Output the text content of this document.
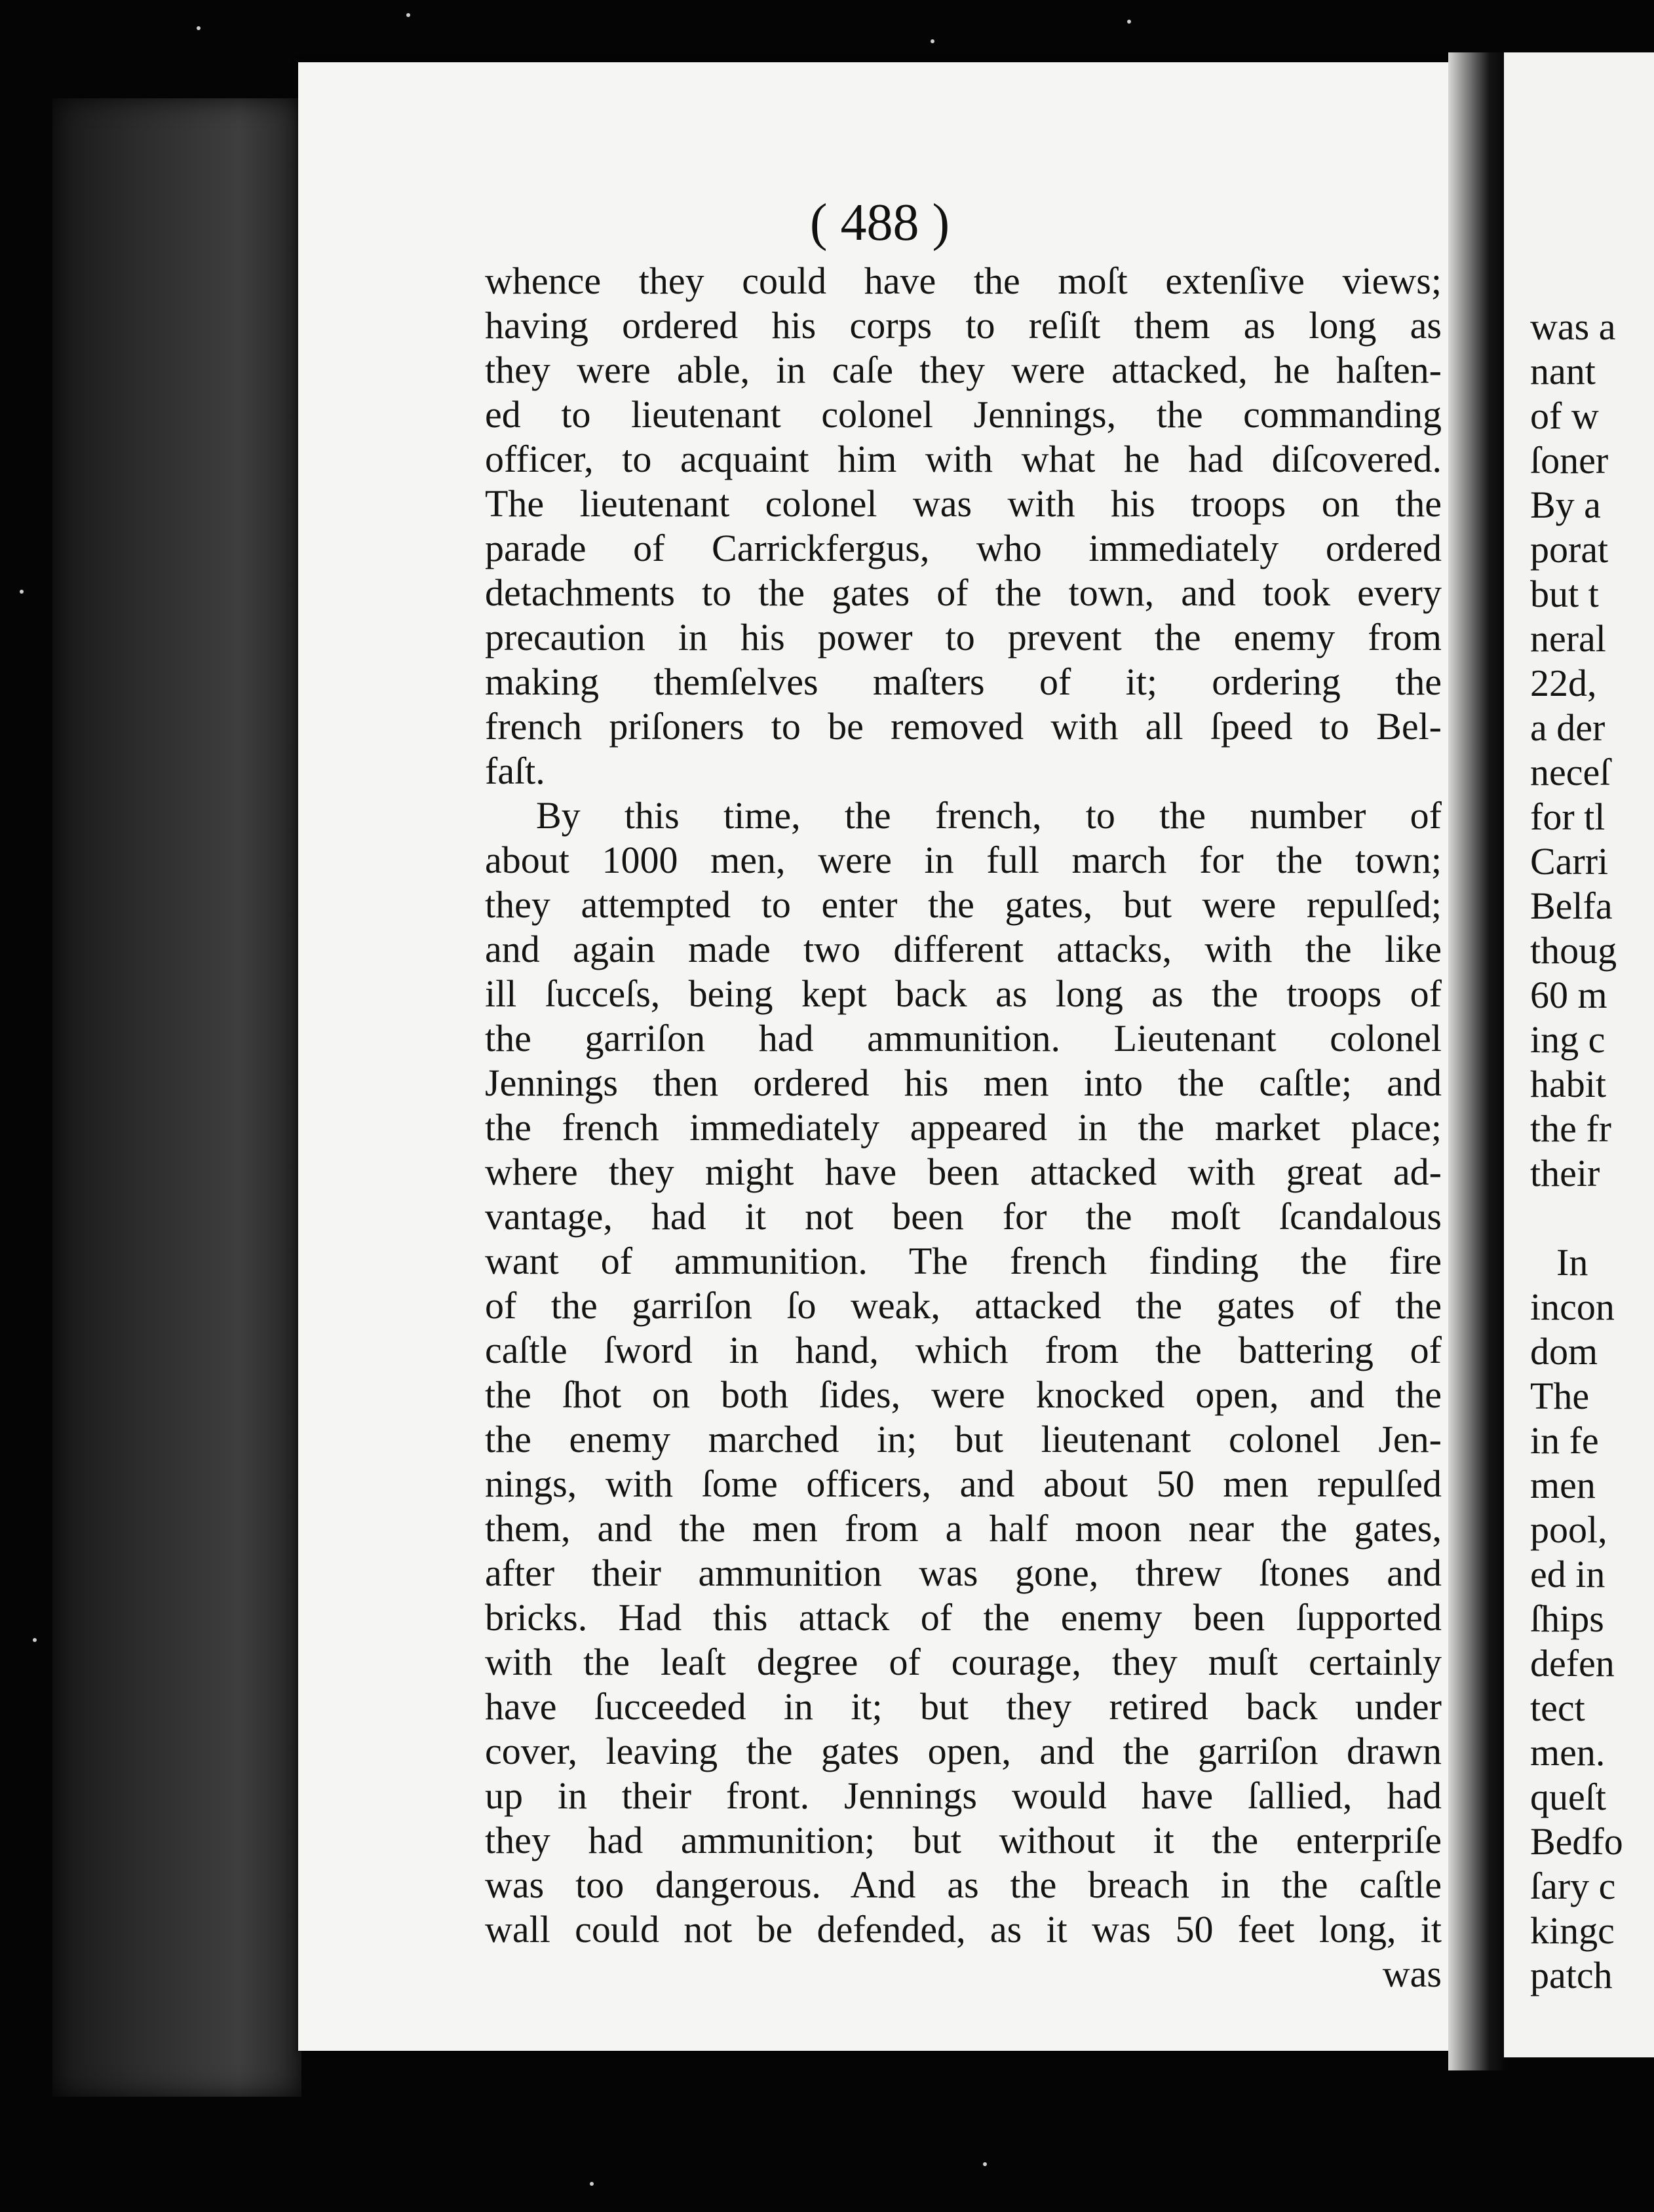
( 488 )
whence they could have the moſt extenſive views;
having ordered his corps to reſiſt them as long as
they were able, in caſe they were attacked, he haſten-
ed to lieutenant colonel Jennings, the commanding
officer, to acquaint him with what he had diſcovered.
The lieutenant colonel was with his troops on the
parade of Carrickfergus, who immediately ordered
detachments to the gates of the town, and took every
precaution in his power to prevent the enemy from
making themſelves maſters of it; ordering the
french priſoners to be removed with all ſpeed to Bel-
faſt.
By this time, the french, to the number of
about 1000 men, were in full march for the town;
they attempted to enter the gates, but were repulſed;
and again made two different attacks, with the like
ill ſucceſs, being kept back as long as the troops of
the garriſon had ammunition. Lieutenant colonel
Jennings then ordered his men into the caſtle; and
the french immediately appeared in the market place;
where they might have been attacked with great ad-
vantage, had it not been for the moſt ſcandalous
want of ammunition. The french finding the fire
of the garriſon ſo weak, attacked the gates of the
caſtle ſword in hand, which from the battering of
the ſhot on both ſides, were knocked open, and the
the enemy marched in; but lieutenant colonel Jen-
nings, with ſome officers, and about 50 men repulſed
them, and the men from a half moon near the gates,
after their ammunition was gone, threw ſtones and
bricks. Had this attack of the enemy been ſupported
with the leaſt degree of courage, they muſt certainly
have ſucceeded in it; but they retired back under
cover, leaving the gates open, and the garriſon drawn
up in their front. Jennings would have ſallied, had
they had ammunition; but without it the enterpriſe
was too dangerous. And as the breach in the caſtle
wall could not be defended, as it was 50 feet long, it
was
was a
nant
of w
ſoner
By a
porat
but t
neral
22d,
a der
neceſ
for tl
Carri
Belfa
thoug
60 m
ing c
habit
the fr
their
In
incon
dom
The
in fe
men
pool,
ed in
ſhips
defen
tect
men.
queſt
Bedfo
ſary c
kingc
patch
